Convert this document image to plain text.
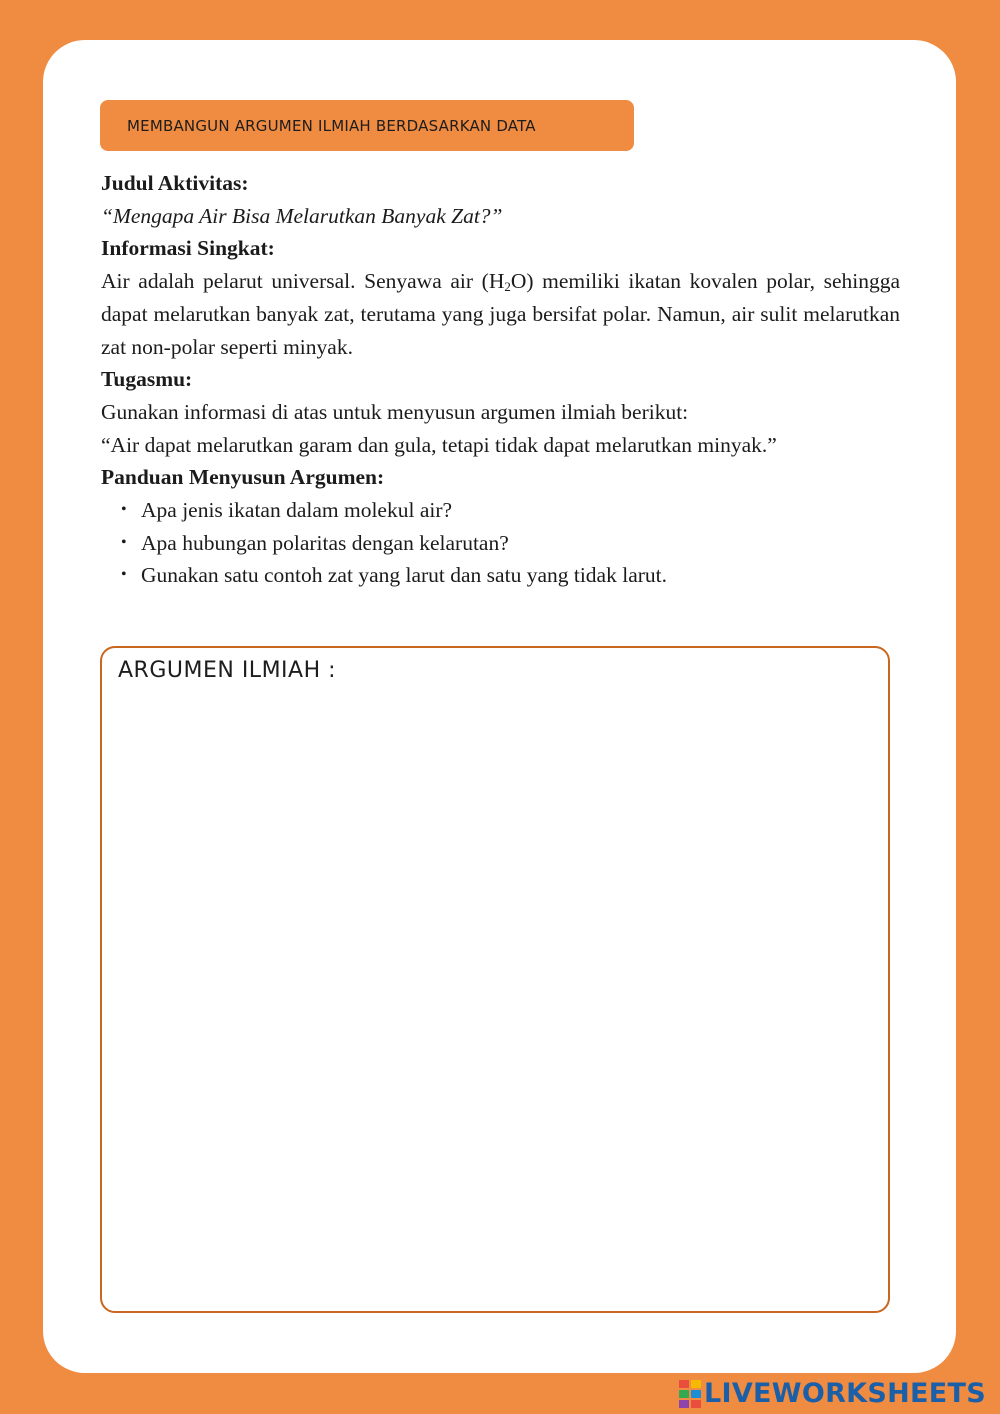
MEMBANGUN ARGUMEN ILMIAH BERDASARKAN DATA

Judul Aktivitas:

“Mengapa Air Bisa Melarutkan Banyak Zat?”

Informasi Singkat:

Air adalah pelarut universal. Senyawa air $(H_2O)$ memiliki ikatan kovalen polar, sehingga dapat melarutkan banyak zat, terutama yang juga bersifat polar. Namun, air sulit melarutkan zat non-polar seperti minyak.

Tugasmu:

Gunakan informasi di atas untuk menyusun argumen ilmiah berikut:

“Air dapat melarutkan garam dan gula, tetapi tidak dapat melarutkan minyak.”

Panduan Menyusun Argumen:

• Apa jenis ikatan dalam molekul air?
• Apa hubungan polaritas dengan kelarutan?
• Gunakan satu contoh zat yang larut dan satu yang tidak larut.
ARGUMEN ILMIAH :
LIVEWORKSHEETS
